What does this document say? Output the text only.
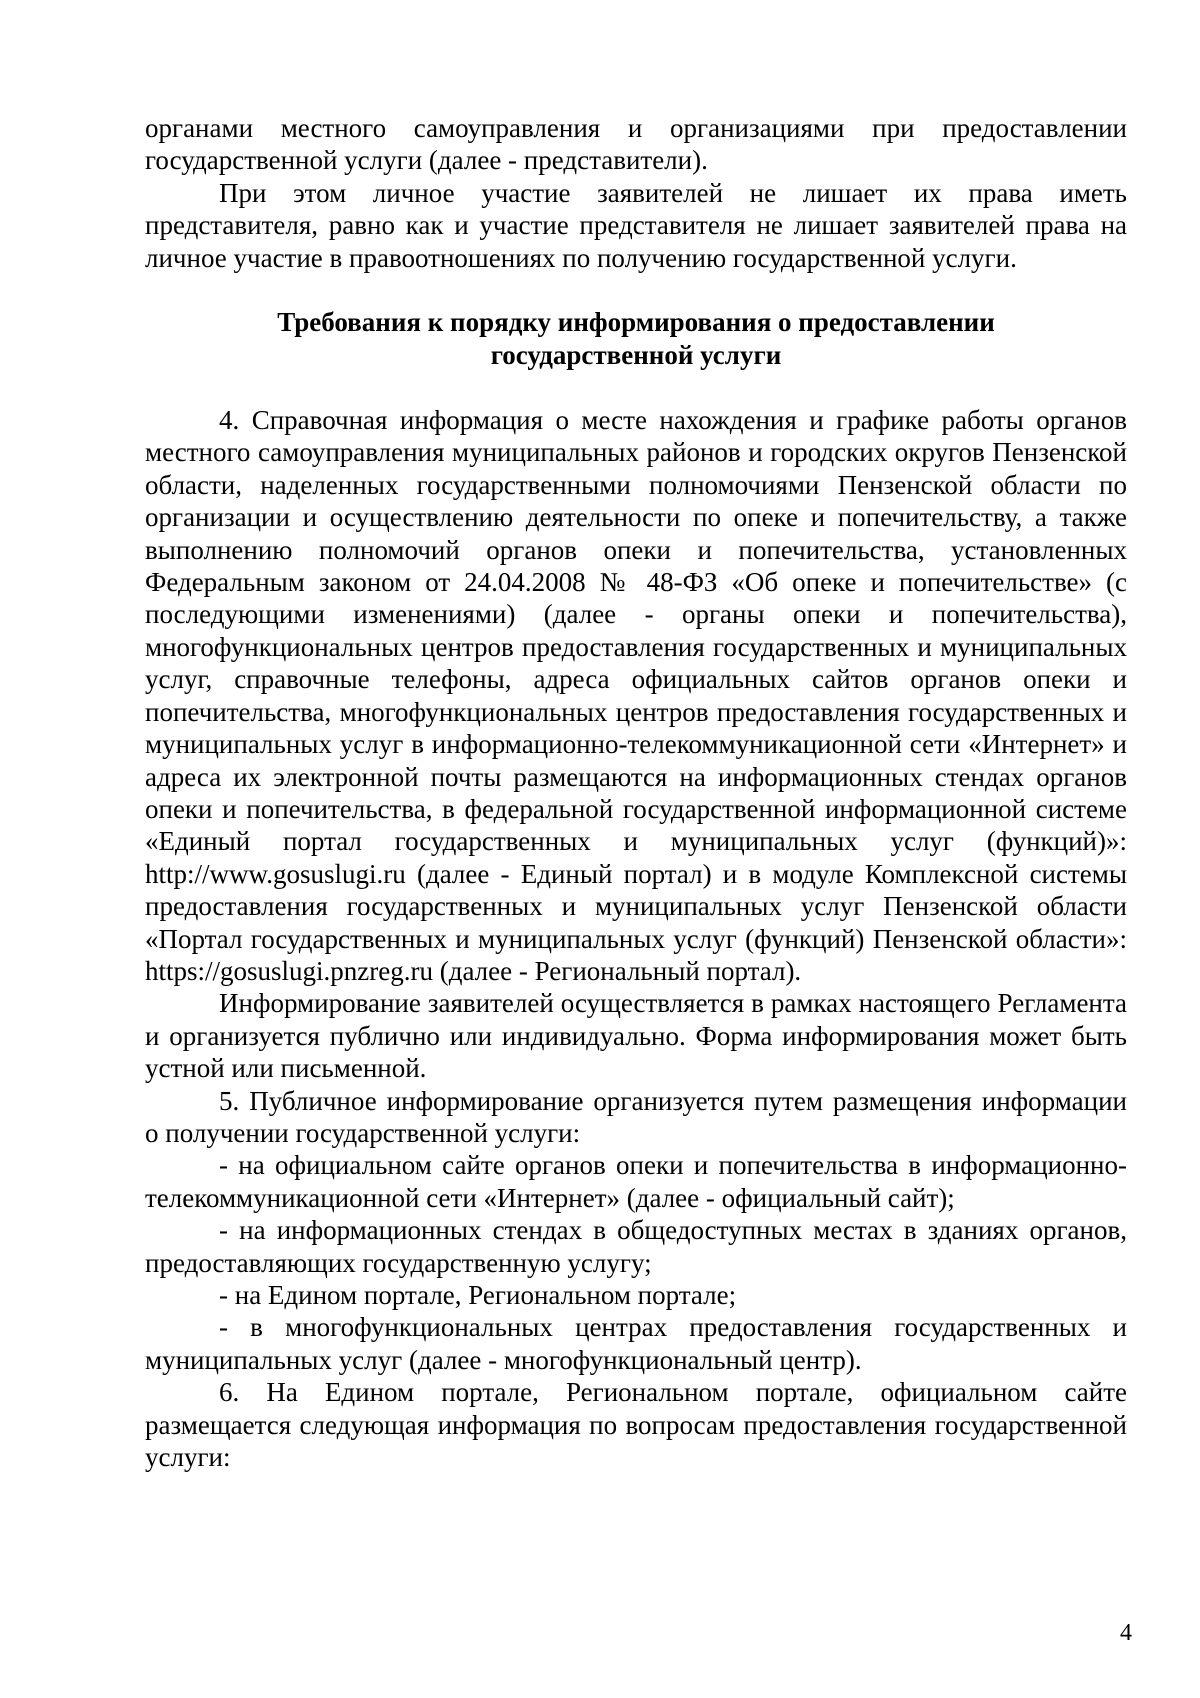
органами местного самоуправления и организациями при предоставлении государственной услуги (далее - представители).

При этом личное участие заявителей не лишает их права иметь представителя, равно как и участие представителя не лишает заявителей права на личное участие в правоотношениях по получению государственной услуги.

Требования к порядку информирования о предоставлении
государственной услуги

4. Справочная информация о месте нахождения и графике работы органов местного самоуправления муниципальных районов и городских округов Пензенской области, наделенных государственными полномочиями Пензенской области по организации и осуществлению деятельности по опеке и попечительству, а также выполнению полномочий органов опеки и попечительства, установленных Федеральным законом от 24.04.2008 № 48-ФЗ «Об опеке и попечительстве» (с последующими изменениями) (далее - органы опеки и попечительства), многофункциональных центров предоставления государственных и муниципальных услуг, справочные телефоны, адреса официальных сайтов органов опеки и попечительства, многофункциональных центров предоставления государственных и муниципальных услуг в информационно-телекоммуникационной сети «Интернет» и адреса их электронной почты размещаются на информационных стендах органов опеки и попечительства, в федеральной государственной информационной системе «Единый портал государственных и муниципальных услуг (функций)»: http://www.gosuslugi.ru (далее - Единый портал) и в модуле Комплексной системы предоставления государственных и муниципальных услуг Пензенской области «Портал государственных и муниципальных услуг (функций) Пензенской области»: https://gosuslugi.pnzreg.ru (далее - Региональный портал).

Информирование заявителей осуществляется в рамках настоящего Регламента и организуется публично или индивидуально. Форма информирования может быть устной или письменной.

5. Публичное информирование организуется путем размещения информации о получении государственной услуги:

- на официальном сайте органов опеки и попечительства в информационно-телекоммуникационной сети «Интернет» (далее - официальный сайт);

- на информационных стендах в общедоступных местах в зданиях органов, предоставляющих государственную услугу;

- на Едином портале, Региональном портале;

- в многофункциональных центрах предоставления государственных и муниципальных услуг (далее - многофункциональный центр).

6. На Едином портале, Региональном портале, официальном сайте размещается следующая информация по вопросам предоставления государственной услуги:

4
